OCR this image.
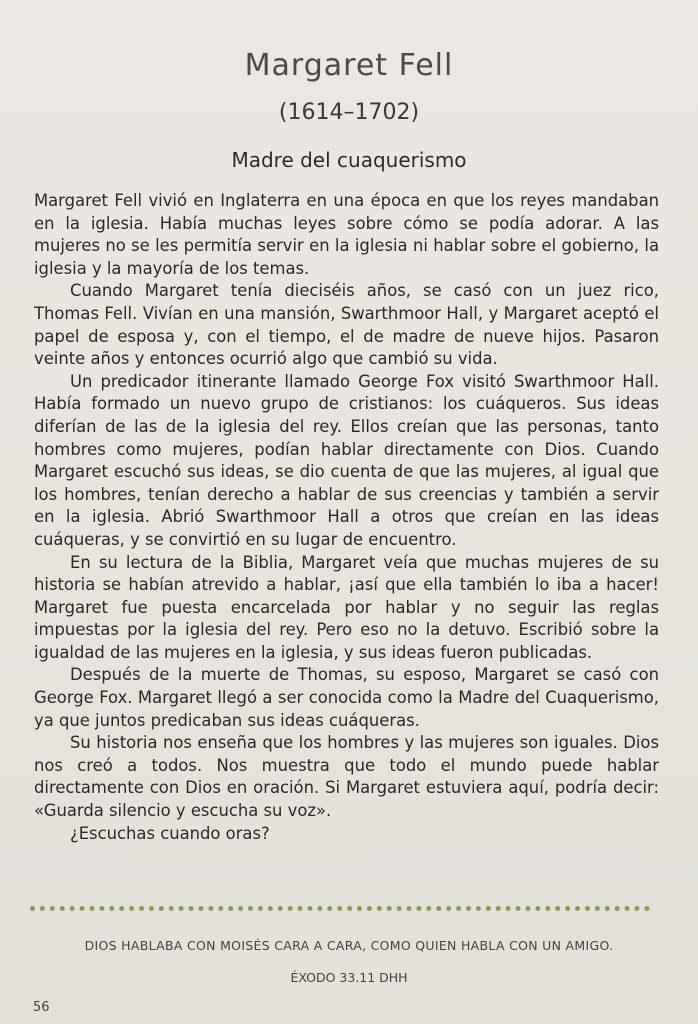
Margaret Fell
(1614–1702)
Madre del cuaquerismo

Margaret Fell vivió en Inglaterra en una época en que los reyes mandaban en la iglesia. Había muchas leyes sobre cómo se podía adorar. A las mujeres no se les permitía servir en la iglesia ni hablar sobre el gobierno, la iglesia y la mayoría de los temas.

Cuando Margaret tenía dieciséis años, se casó con un juez rico, Thomas Fell. Vivían en una mansión, Swarthmoor Hall, y Margaret aceptó el papel de esposa y, con el tiempo, el de madre de nueve hijos. Pasaron veinte años y entonces ocurrió algo que cambió su vida.

Un predicador itinerante llamado George Fox visitó Swarthmoor Hall. Había formado un nuevo grupo de cristianos: los cuáqueros. Sus ideas diferían de las de la iglesia del rey. Ellos creían que las personas, tanto hombres como mujeres, podían hablar directamente con Dios. Cuando Margaret escuchó sus ideas, se dio cuenta de que las mujeres, al igual que los hombres, tenían derecho a hablar de sus creencias y también a servir en la iglesia. Abrió Swarthmoor Hall a otros que creían en las ideas cuáqueras, y se convirtió en su lugar de encuentro.

En su lectura de la Biblia, Margaret veía que muchas mujeres de su historia se habían atrevido a hablar, ¡así que ella también lo iba a hacer! Margaret fue puesta encarcelada por hablar y no seguir las reglas impuestas por la iglesia del rey. Pero eso no la detuvo. Escribió sobre la igualdad de las mujeres en la iglesia, y sus ideas fueron publicadas.

Después de la muerte de Thomas, su esposo, Margaret se casó con George Fox. Margaret llegó a ser conocida como la Madre del Cuaquerismo, ya que juntos predicaban sus ideas cuáqueras.

Su historia nos enseña que los hombres y las mujeres son iguales. Dios nos creó a todos. Nos muestra que todo el mundo puede hablar directamente con Dios en oración. Si Margaret estuviera aquí, podría decir: «Guarda silencio y escucha su voz».

¿Escuchas cuando oras?

DIOS HABLABA CON MOISÉS CARA A CARA, COMO QUIEN HABLA CON UN AMIGO.
ÉXODO 33.11 DHH
56
